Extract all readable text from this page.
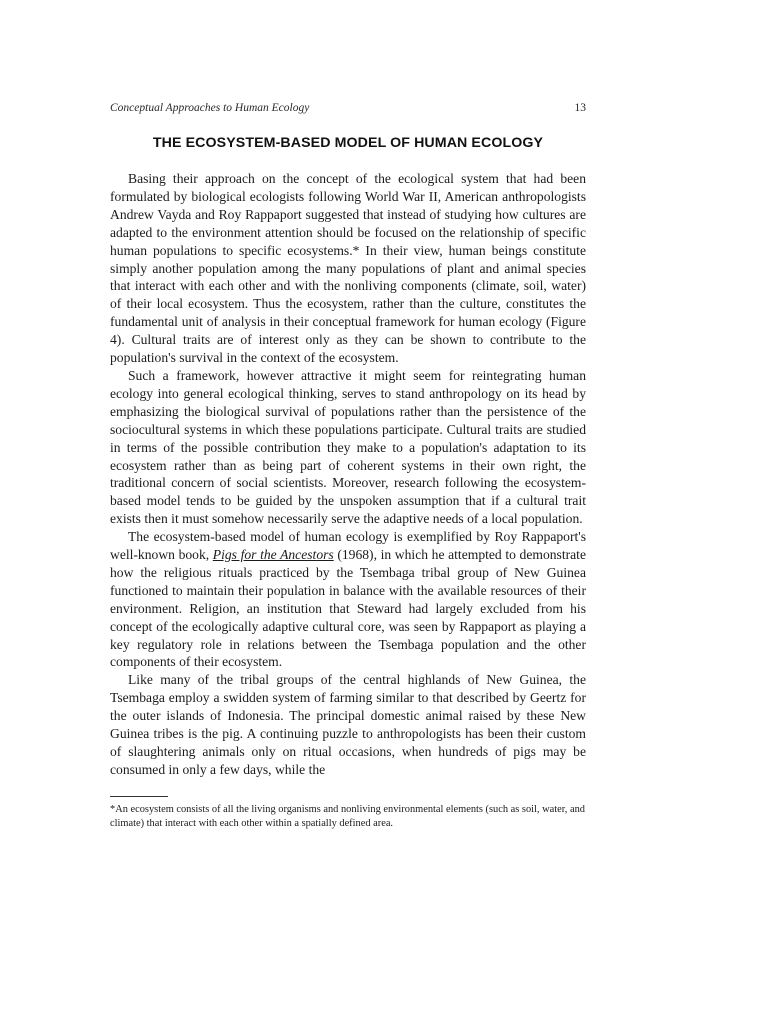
Conceptual Approaches to Human Ecology	13
THE ECOSYSTEM-BASED MODEL OF HUMAN ECOLOGY

Basing their approach on the concept of the ecological system that had been formulated by biological ecologists following World War II, American anthropologists Andrew Vayda and Roy Rappaport suggested that instead of studying how cultures are adapted to the environment attention should be focused on the relationship of specific human populations to specific ecosystems.* In their view, human beings constitute simply another population among the many populations of plant and animal species that interact with each other and with the nonliving components (climate, soil, water) of their local ecosystem. Thus the ecosystem, rather than the culture, constitutes the fundamental unit of analysis in their conceptual framework for human ecology (Figure 4). Cultural traits are of interest only as they can be shown to contribute to the population's survival in the context of the ecosystem.

Such a framework, however attractive it might seem for reintegrating human ecology into general ecological thinking, serves to stand anthropology on its head by emphasizing the biological survival of populations rather than the persistence of the sociocultural systems in which these populations participate. Cultural traits are studied in terms of the possible contribution they make to a population's adaptation to its ecosystem rather than as being part of coherent systems in their own right, the traditional concern of social scientists. Moreover, research following the ecosystem-based model tends to be guided by the unspoken assumption that if a cultural trait exists then it must somehow necessarily serve the adaptive needs of a local population.

The ecosystem-based model of human ecology is exemplified by Roy Rappaport's well-known book, Pigs for the Ancestors (1968), in which he attempted to demonstrate how the religious rituals practiced by the Tsembaga tribal group of New Guinea functioned to maintain their population in balance with the available resources of their environment. Religion, an institution that Steward had largely excluded from his concept of the ecologically adaptive cultural core, was seen by Rappaport as playing a key regulatory role in relations between the Tsembaga population and the other components of their ecosystem.

Like many of the tribal groups of the central highlands of New Guinea, the Tsembaga employ a swidden system of farming similar to that described by Geertz for the outer islands of Indonesia. The principal domestic animal raised by these New Guinea tribes is the pig. A continuing puzzle to anthropologists has been their custom of slaughtering animals only on ritual occasions, when hundreds of pigs may be consumed in only a few days, while the

*An ecosystem consists of all the living organisms and nonliving environmental elements (such as soil, water, and climate) that interact with each other within a spatially defined area.
